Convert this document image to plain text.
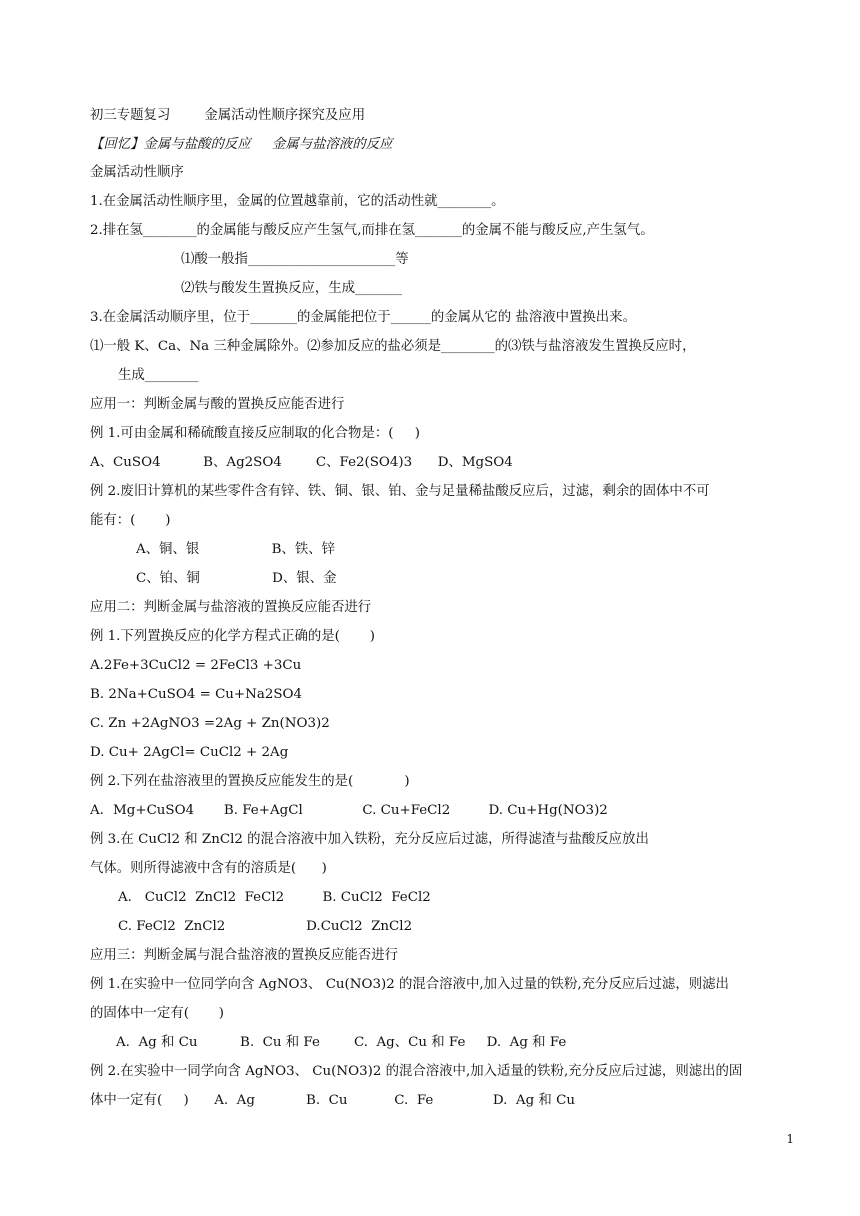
初三专题复习        金属活动性顺序探究及应用
【回忆】金属与盐酸的反应     金属与盐溶液的反应
金属活动性顺序
1.在金属活动性顺序里，金属的位置越靠前，它的活动性就________。
2.排在氢________的金属能与酸反应产生氢气,而排在氢_______的金属不能与酸反应,产生氢气。
⑴酸一般指______________________等
⑵铁与酸发生置换反应，生成_______
3.在金属活动顺序里，位于_______的金属能把位于______的金属从它的 盐溶液中置换出来。
⑴一般 K、Ca、Na 三种金属除外。⑵参加反应的盐必须是________的⑶铁与盐溶液发生置换反应时，
生成________
应用一：判断金属与酸的置换反应能否进行
例 1.可由金属和稀硫酸直接反应制取的化合物是：(     )
A、CuSO4          B、Ag2SO4        C、Fe2(SO4)3      D、MgSO4
例 2.废旧计算机的某些零件含有锌、铁、铜、银、铂、金与足量稀盐酸反应后，过滤，剩余的固体中不可
能有：(       )
A、铜、银                 B、铁、锌
C、铂、铜                 D、银、金
应用二：判断金属与盐溶液的置换反应能否进行
例 1.下列置换反应的化学方程式正确的是(       )
A.2Fe+3CuCl2 = 2FeCl3 +3Cu
B. 2Na+CuSO4 = Cu+Na2SO4
C. Zn +2AgNO3 =2Ag + Zn(NO3)2
D. Cu+ 2AgCl= CuCl2 + 2Ag
例 2.下列在盐溶液里的置换反应能发生的是(            )
A．Mg+CuSO4       B. Fe+AgCl              C. Cu+FeCl2         D. Cu+Hg(NO3)2
例 3.在 CuCl2 和 ZnCl2 的混合溶液中加入铁粉，充分反应后过滤，所得滤渣与盐酸反应放出
气体。则所得滤液中含有的溶质是(      )
A.   CuCl2  ZnCl2  FeCl2         B. CuCl2  FeCl2
C. FeCl2  ZnCl2                   D.CuCl2  ZnCl2
应用三：判断金属与混合盐溶液的置换反应能否进行
例 1.在实验中一位同学向含 AgNO3、 Cu(NO3)2 的混合溶液中,加入过量的铁粉,充分反应后过滤，则滤出
的固体中一定有(       )
A.  Ag 和 Cu          B.  Cu 和 Fe        C.  Ag、Cu 和 Fe     D.  Ag 和 Fe
例 2.在实验中一同学向含 AgNO3、 Cu(NO3)2 的混合溶液中,加入适量的铁粉,充分反应后过滤，则滤出的固
体中一定有(     )      A.  Ag            B.  Cu           C.  Fe              D.  Ag 和 Cu
1
